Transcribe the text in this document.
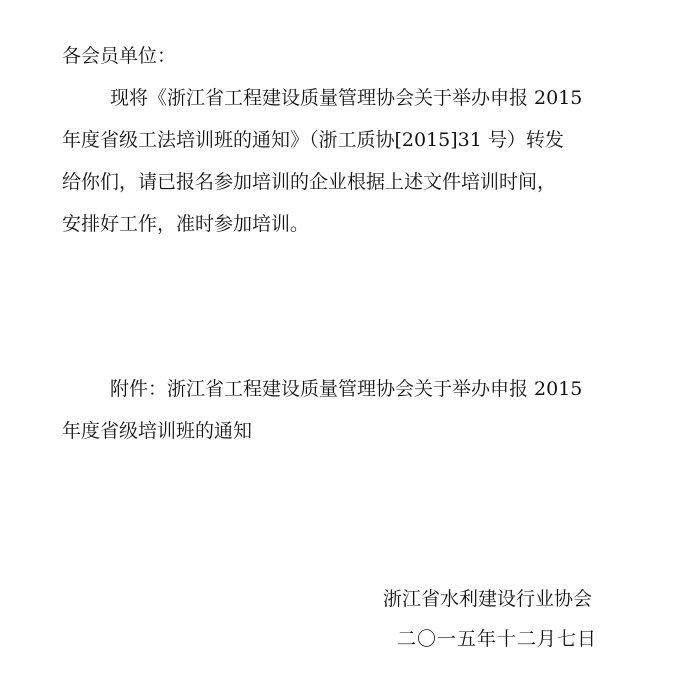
各会员单位：
现将《浙江省工程建设质量管理协会关于举办申报 2015
年度省级工法培训班的通知》（浙工质协[2015]31 号）转发
给你们，请已报名参加培训的企业根据上述文件培训时间，
安排好工作，准时参加培训。
附件：浙江省工程建设质量管理协会关于举办申报 2015
年度省级培训班的通知
浙江省水利建设行业协会
二〇一五年十二月七日
